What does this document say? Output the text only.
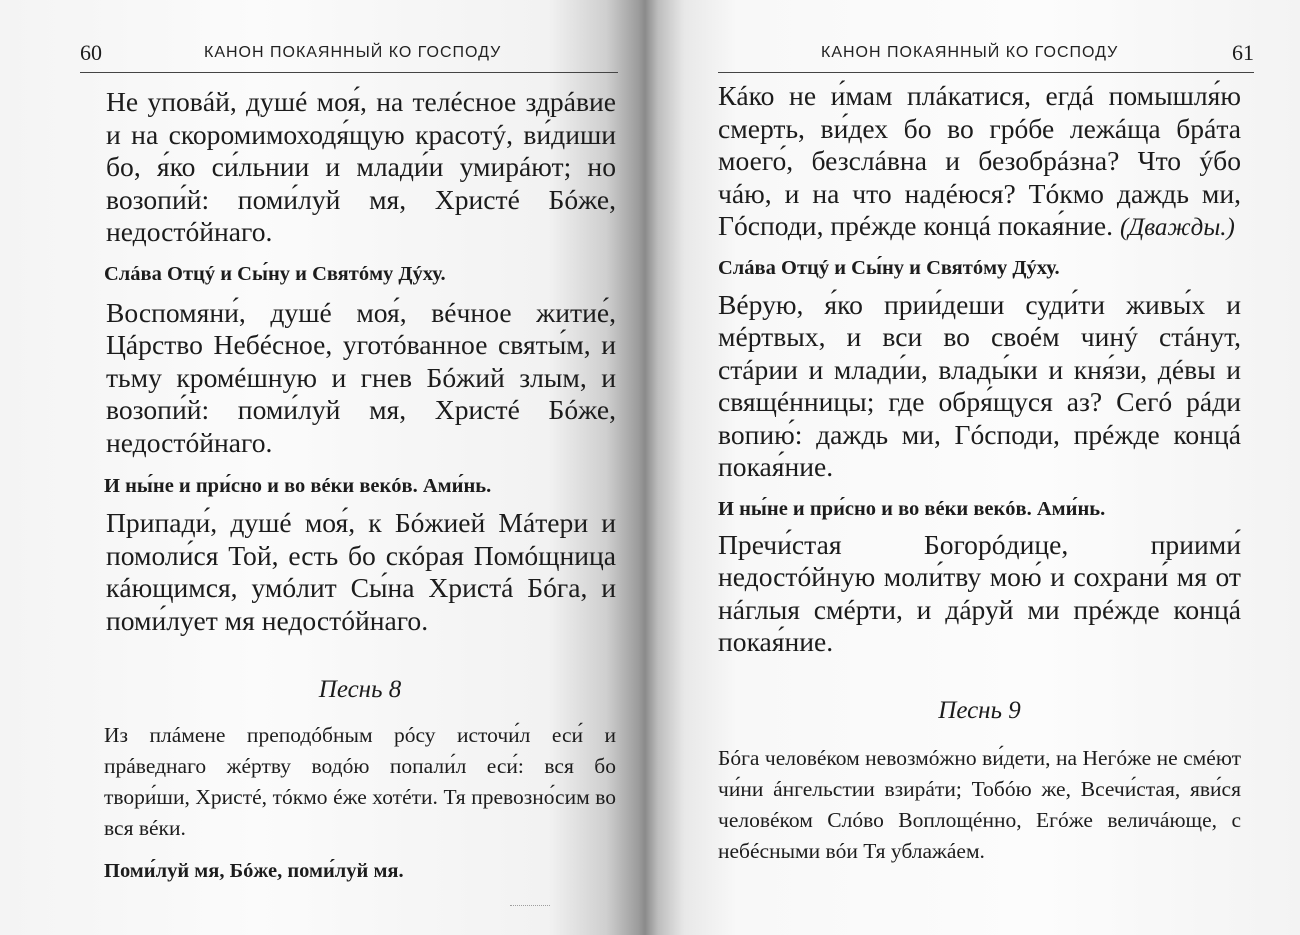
60	КАНОН ПОКАЯННЫЙ КО ГОСПОДУ

Не уповáй, душé моя́, на телéсное здрáвие и на скоромимоходя́щую красотý, ви́диши бо, я́ко си́льнии и млади́и умирáют; но возопи́й: поми́луй мя, Христé Бóже, недостóйнаго.

Слáва Отцý и Сы́ну и Святóму Дýху.

Воспомяни́, душé моя́, вéчное житие́, Цáрство Небéсное, уготóванное святы́м, и тьму кромéшную и гнев Бóжий злым, и возопи́й: поми́луй мя, Христé Бóже, недостóйнаго.

И ны́не и при́сно и во вéки векóв. Ами́нь.

Припади́, душé моя́, к Бóжией Мáтери и помоли́ся Той, есть бо скóрая Помóщница кáющимся, умóлит Сы́на Христá Бóга, и поми́лует мя недостóйнаго.

Песнь 8

Из плáмене преподóбным рóсу источи́л еси́ и прáведнаго жéртву водóю попали́л еси́: вся бо твори́ши, Христé, тóкмо éже хотéти. Тя превозно́сим во вся вéки.

Поми́луй мя, Бóже, поми́луй мя.

КАНОН ПОКАЯННЫЙ КО ГОСПОДУ	61

Кáко не и́мам плáкатися, егдá помышля́ю смерть, ви́дех бо во грóбе лежáща брáта моего́, безслáвна и безобрáзна? Что ýбо чáю, и на что надéюся? Тóкмо даждь ми, Гóсподи, прéжде концá покая́ние. (Дважды.)

Слáва Отцý и Сы́ну и Святóму Дýху.

Вéрую, я́ко прии́деши суди́ти живы́х и мéртвых, и вси во своéм чинý стáнут, стáрии и млади́и, влады́ки и кня́зи, дéвы и свящéнницы; где обря́щуся аз? Сегó рáди вопию́: даждь ми, Гóсподи, прéжде концá покая́ние.

И ны́не и при́сно и во вéки векóв. Ами́нь.

Пречи́стая Богорóдице, приими́ недостóйную моли́тву мою́ и сохрани́ мя от нáглыя смéрти, и дáруй ми прéжде концá покая́ние.

Песнь 9

Бóга человéком невозмóжно ви́дети, на Негóже не смéют чи́ни áнгельстии взирáти; Тобóю же, Всечи́стая, яви́ся человéком Слóво Воплощéнно, Егóже величáюще, с небéсными вóи Тя ублажáем.
